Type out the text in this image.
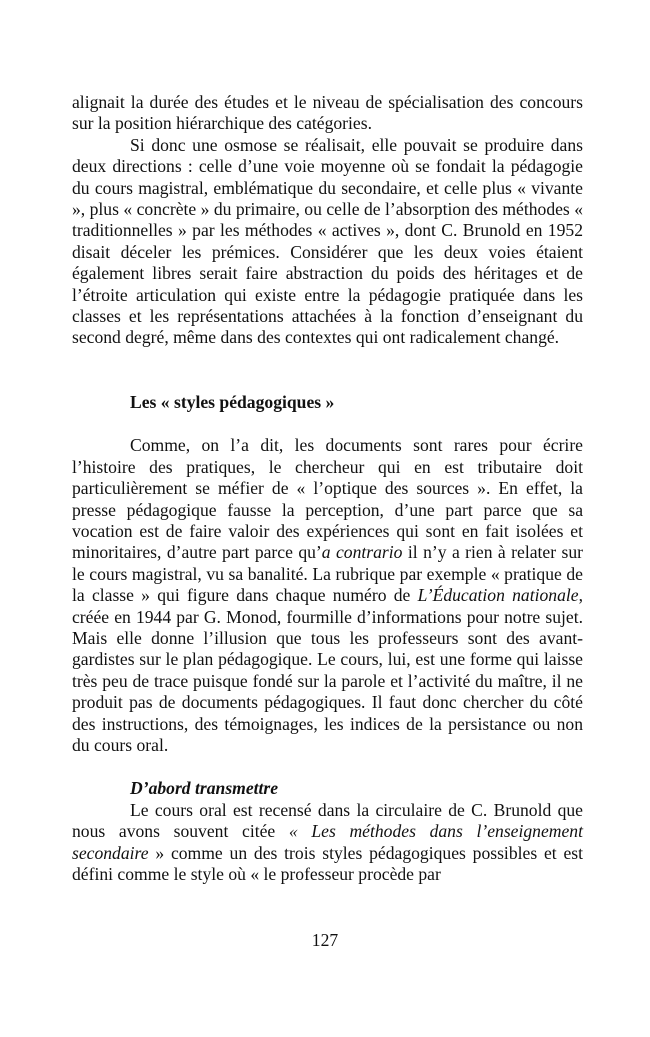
alignait la durée des études et le niveau de spécialisation des concours sur la position hiérarchique des catégories.

Si donc une osmose se réalisait, elle pouvait se produire dans deux directions : celle d’une voie moyenne où se fondait la pédagogie du cours magistral, emblématique du secondaire, et celle plus « vivante », plus « concrète » du primaire, ou celle de l’absorption des méthodes « traditionnelles » par les méthodes « actives », dont C. Brunold en 1952 disait déceler les prémices. Considérer que les deux voies étaient également libres serait faire abstraction du poids des héritages et de l’étroite articulation qui existe entre la pédagogie pratiquée dans les classes et les représentations attachées à la fonction d’enseignant du second degré, même dans des contextes qui ont radicalement changé.

Les « styles pédagogiques »

Comme, on l’a dit, les documents sont rares pour écrire l’histoire des pratiques, le chercheur qui en est tributaire doit particulièrement se méfier de « l’optique des sources ». En effet, la presse pédagogique fausse la perception, d’une part parce que sa vocation est de faire valoir des expériences qui sont en fait isolées et minoritaires, d’autre part parce qu’a contrario il n’y a rien à relater sur le cours magistral, vu sa banalité. La rubrique par exemple « pratique de la classe » qui figure dans chaque numéro de L’Éducation nationale, créée en 1944 par G. Monod, fourmille d’informations pour notre sujet. Mais elle donne l’illusion que tous les professeurs sont des avant-gardistes sur le plan pédagogique. Le cours, lui, est une forme qui laisse très peu de trace puisque fondé sur la parole et l’activité du maître, il ne produit pas de documents pédagogiques. Il faut donc chercher du côté des instructions, des témoignages, les indices de la persistance ou non du cours oral.

D’abord transmettre

Le cours oral est recensé dans la circulaire de C. Brunold que nous avons souvent citée « Les méthodes dans l’enseignement secondaire » comme un des trois styles pédagogiques possibles et est défini comme le style où « le professeur procède par

127
